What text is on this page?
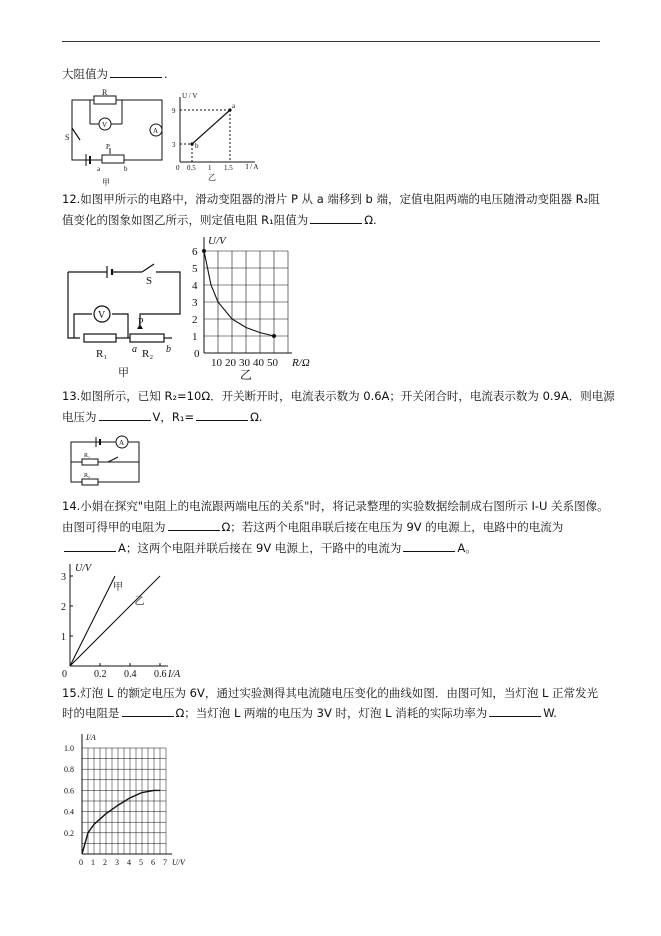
大阻值为	.
R
V
A
S
P
a	b
甲
U / V
I / A
9
3
0 0.5 1 1.5
a
b
乙
12.如图甲所示的电路中，滑动变阻器的滑片 P 从 a 端移到 b 端，定值电阻两端的电压随滑动变阻器 R₂阻
值变化的图象如图乙所示，则定值电阻 R₁阻值为	Ω.
S
V
P
R₁	R₂
a	b
甲
1
2
3
4
5
6
10 20 30 40 50
0
U/V
R/Ω
乙
13.如图所示，已知 R₂=10Ω．开关断开时，电流表示数为 0.6A；开关闭合时，电流表示数为 0.9A．则电源
电压为	V，R₁=	Ω.
A
R₁
R₂
14.小娟在探究"电阻上的电流跟两端电压的关系"时，将记录整理的实验数据绘制成右图所示 I-U 关系图像。
由图可得甲的电阻为	Ω；若这两个电阻串联后接在电压为 9V 的电源上，电路中的电流为
A；这两个电阻并联后接在 9V 电源上，干路中的电流为	A。
甲
乙
1
2
3
0	0.2 0.4 0.6
U/V
I/A
15.灯泡 L 的额定电压为 6V，通过实验测得其电流随电压变化的曲线如图．由图可知，当灯泡 L 正常发光
时的电阻是	Ω；当灯泡 L 两端的电压为 3V 时，灯泡 L 消耗的实际功率为	W.
0.2
0.4
0.6
0.8
1.0
0 1 2 3 4 5 6 7
I/A
U/V
